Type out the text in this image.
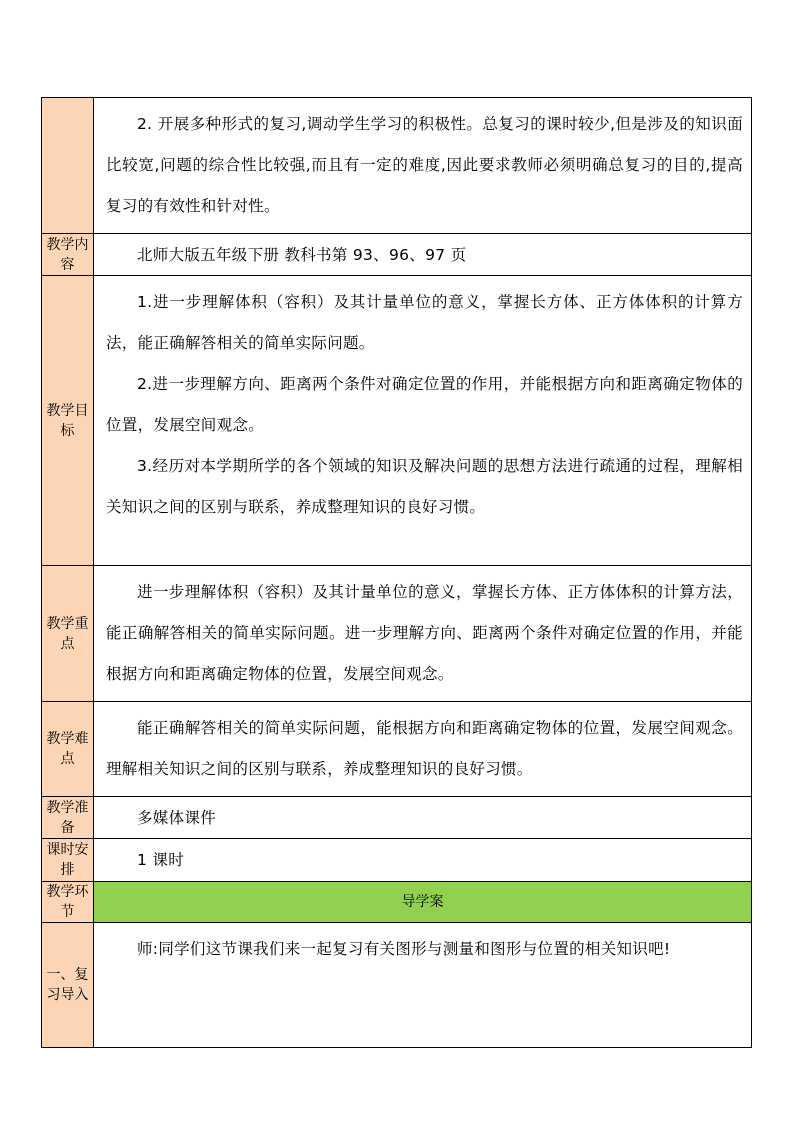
	2. 开展多种形式的复习,调动学生学习的积极性。总复习的课时较少,但是涉及的知识面比较宽,问题的综合性比较强,而且有一定的难度,因此要求教师必须明确总复习的目的,提高复习的有效性和针对性。

教学内容	北师大版五年级下册 教科书第 93、96、97 页

教学目标	1.进一步理解体积（容积）及其计量单位的意义，掌握长方体、正方体体积的计算方法，能正确解答相关的简单实际问题。

2.进一步理解方向、距离两个条件对确定位置的作用，并能根据方向和距离确定物体的位置，发展空间观念。

3.经历对本学期所学的各个领域的知识及解决问题的思想方法进行疏通的过程，理解相关知识之间的区别与联系，养成整理知识的良好习惯。

教学重点	进一步理解体积（容积）及其计量单位的意义，掌握长方体、正方体体积的计算方法，能正确解答相关的简单实际问题。进一步理解方向、距离两个条件对确定位置的作用，并能根据方向和距离确定物体的位置，发展空间观念。

教学难点	能正确解答相关的简单实际问题，能根据方向和距离确定物体的位置，发展空间观念。理解相关知识之间的区别与联系，养成整理知识的良好习惯。

教学准备	多媒体课件

课时安排	1 课时

教学环节	导学案
一、复习导入	师:同学们这节课我们来一起复习有关图形与测量和图形与位置的相关知识吧!
